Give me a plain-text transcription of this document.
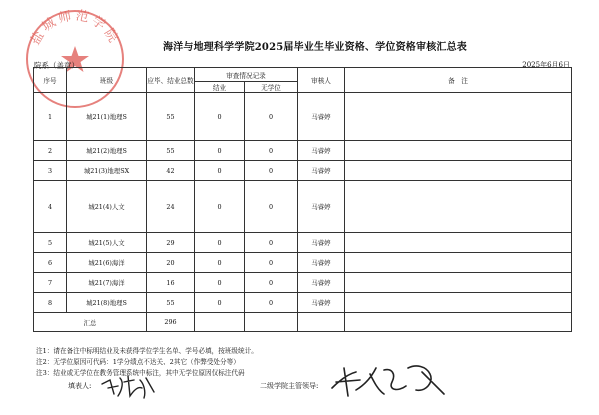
盐城师范学院	海洋与地理科学学院2025届毕业生毕业资格、学位资格审核汇总表
院系（盖章）	2025年6月6日
序号	班级	应毕、结业总数	审查情况记录		审核人	备　注
			结业	无学位		
1	城21(1)地理S	55	0	0	马睿婷	
2	城21(2)地理S	55	0	0	马睿婷	
3	城21(3)地理SX	42	0	0	马睿婷	
4	城21(4)人文	24	0	0	马睿婷	
5	城21(5)人文	29	0	0	马睿婷	
6	城21(6)海洋	20	0	0	马睿婷	
7	城21(7)海洋	16	0	0	马睿婷	
8	城21(8)地理S	55	0	0	马睿婷	
汇总		296				
注1：请在备注中标明结业及未获得学位学生名单、学号必填，按班级统计。
注2：无学位原因可代码：1学分绩点不达关、2其它（作弊受处分等）
注3：结业或无学位在教务管理系统中标注，其中无学位原因仅标注代码
填表人:	二级学院主管领导:
